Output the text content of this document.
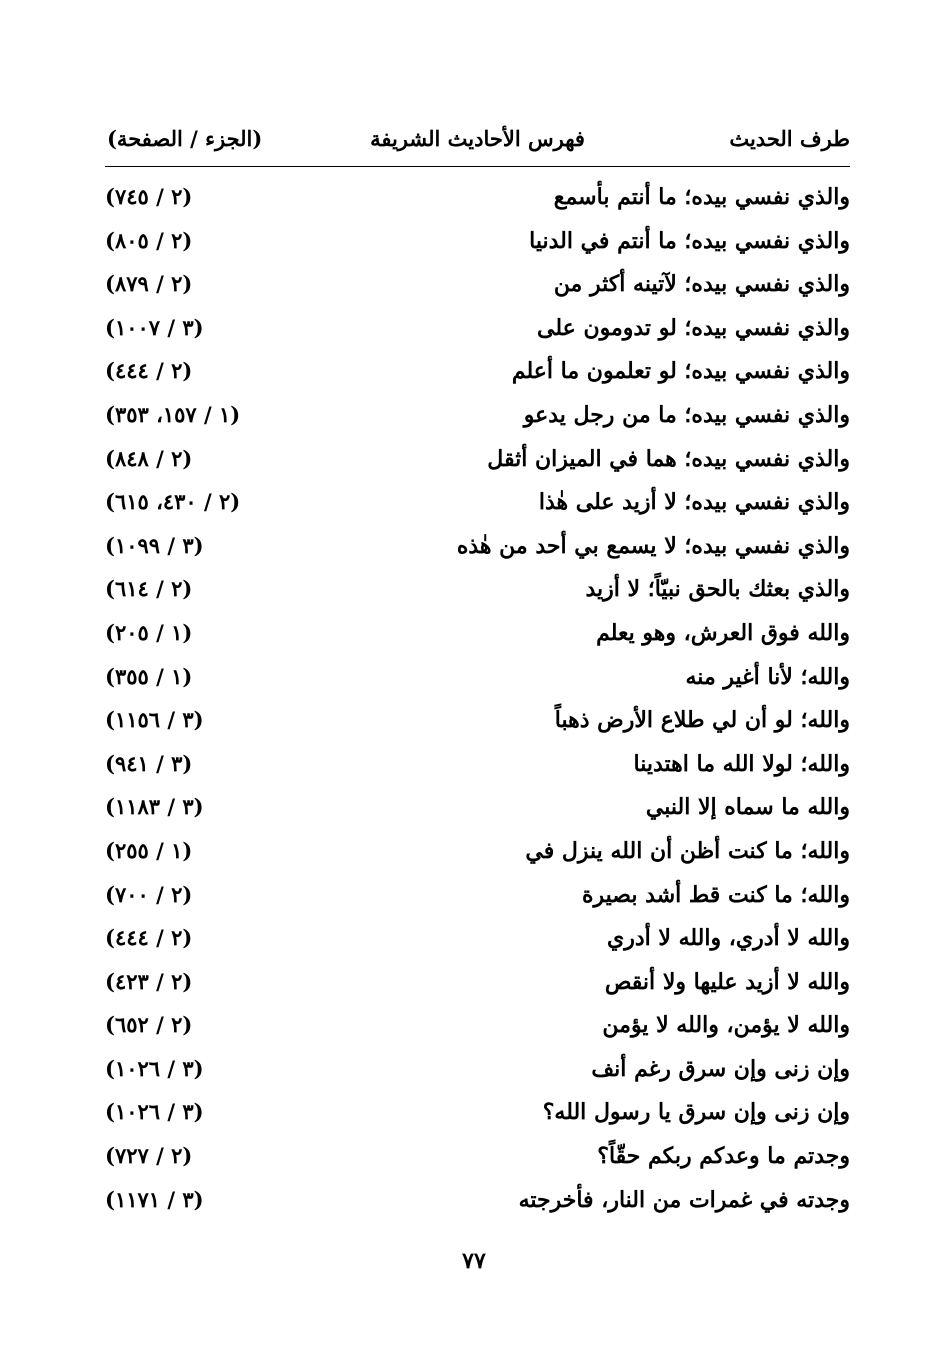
طرف الحديث
فهرس الأحاديث الشريفة
(الجزء / الصفحة)
والذي نفسي بيده؛ ما أنتم بأسمع
(٢ / ٧٤٥)
والذي نفسي بيده؛ ما أنتم في الدنيا
(٢ / ٨٠٥)
والذي نفسي بيده؛ لآتينه أكثر من
(٢ / ٨٧٩)
والذي نفسي بيده؛ لو تدومون على
(٣ / ١٠٠٧)
والذي نفسي بيده؛ لو تعلمون ما أعلم
(٢ / ٤٤٤)
والذي نفسي بيده؛ ما من رجل يدعو
(١ / ١٥٧، ٣٥٣)
والذي نفسي بيده؛ هما في الميزان أثقل
(٢ / ٨٤٨)
والذي نفسي بيده؛ لا أزيد على هٰذا
(٢ / ٤٣٠، ٦١٥)
والذي نفسي بيده؛ لا يسمع بي أحد من هٰذه
(٣ / ١٠٩٩)
والذي بعثك بالحق نبيّاً؛ لا أزيد
(٢ / ٦١٤)
والله فوق العرش، وهو يعلم
(١ / ٢٠٥)
والله؛ لأنا أغير منه
(١ / ٣٥٥)
والله؛ لو أن لي طلاع الأرض ذهباً
(٣ / ١١٥٦)
والله؛ لولا الله ما اهتدينا
(٣ / ٩٤١)
والله ما سماه إلا النبي
(٣ / ١١٨٣)
والله؛ ما كنت أظن أن الله ينزل في
(١ / ٢٥٥)
والله؛ ما كنت قط أشد بصيرة
(٢ / ٧٠٠)
والله لا أدري، والله لا أدري
(٢ / ٤٤٤)
والله لا أزيد عليها ولا أنقص
(٢ / ٤٢٣)
والله لا يؤمن، والله لا يؤمن
(٢ / ٦٥٢)
وإن زنى وإن سرق رغم أنف
(٣ / ١٠٢٦)
وإن زنى وإن سرق يا رسول الله؟
(٣ / ١٠٢٦)
وجدتم ما وعدكم ربكم حقّاً؟
(٢ / ٧٢٧)
وجدته في غمرات من النار، فأخرجته
(٣ / ١١٧١)
٧٧
